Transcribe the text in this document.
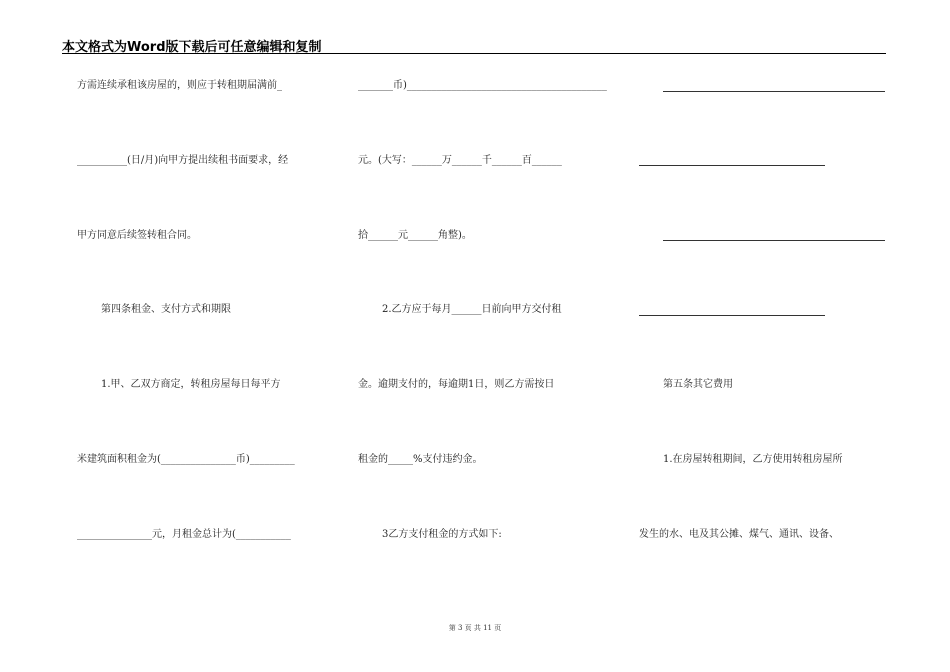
本文格式为Word版下载后可任意编辑和复制
方需连续承租该房屋的，则应于转租期届满前_
__________(日/月)向甲方提出续租书面要求，经
甲方同意后续签转租合同。
第四条租金、支付方式和期限
1.甲、乙双方商定，转租房屋每日每平方
米建筑面积租金为(_______________币)_________
_______________元，月租金总计为(___________
_______币)________________________________________
元。(大写：______万______千______百______
拾______元______角整)。
2.乙方应于每月______日前向甲方交付租
金。逾期支付的，每逾期1日，则乙方需按日
租金的_____%支付违约金。
3乙方支付租金的方式如下:
第五条其它费用
1.在房屋转租期间，乙方使用转租房屋所
发生的水、电及其公摊、煤气、通讯、设备、
第 3 页 共 11 页
